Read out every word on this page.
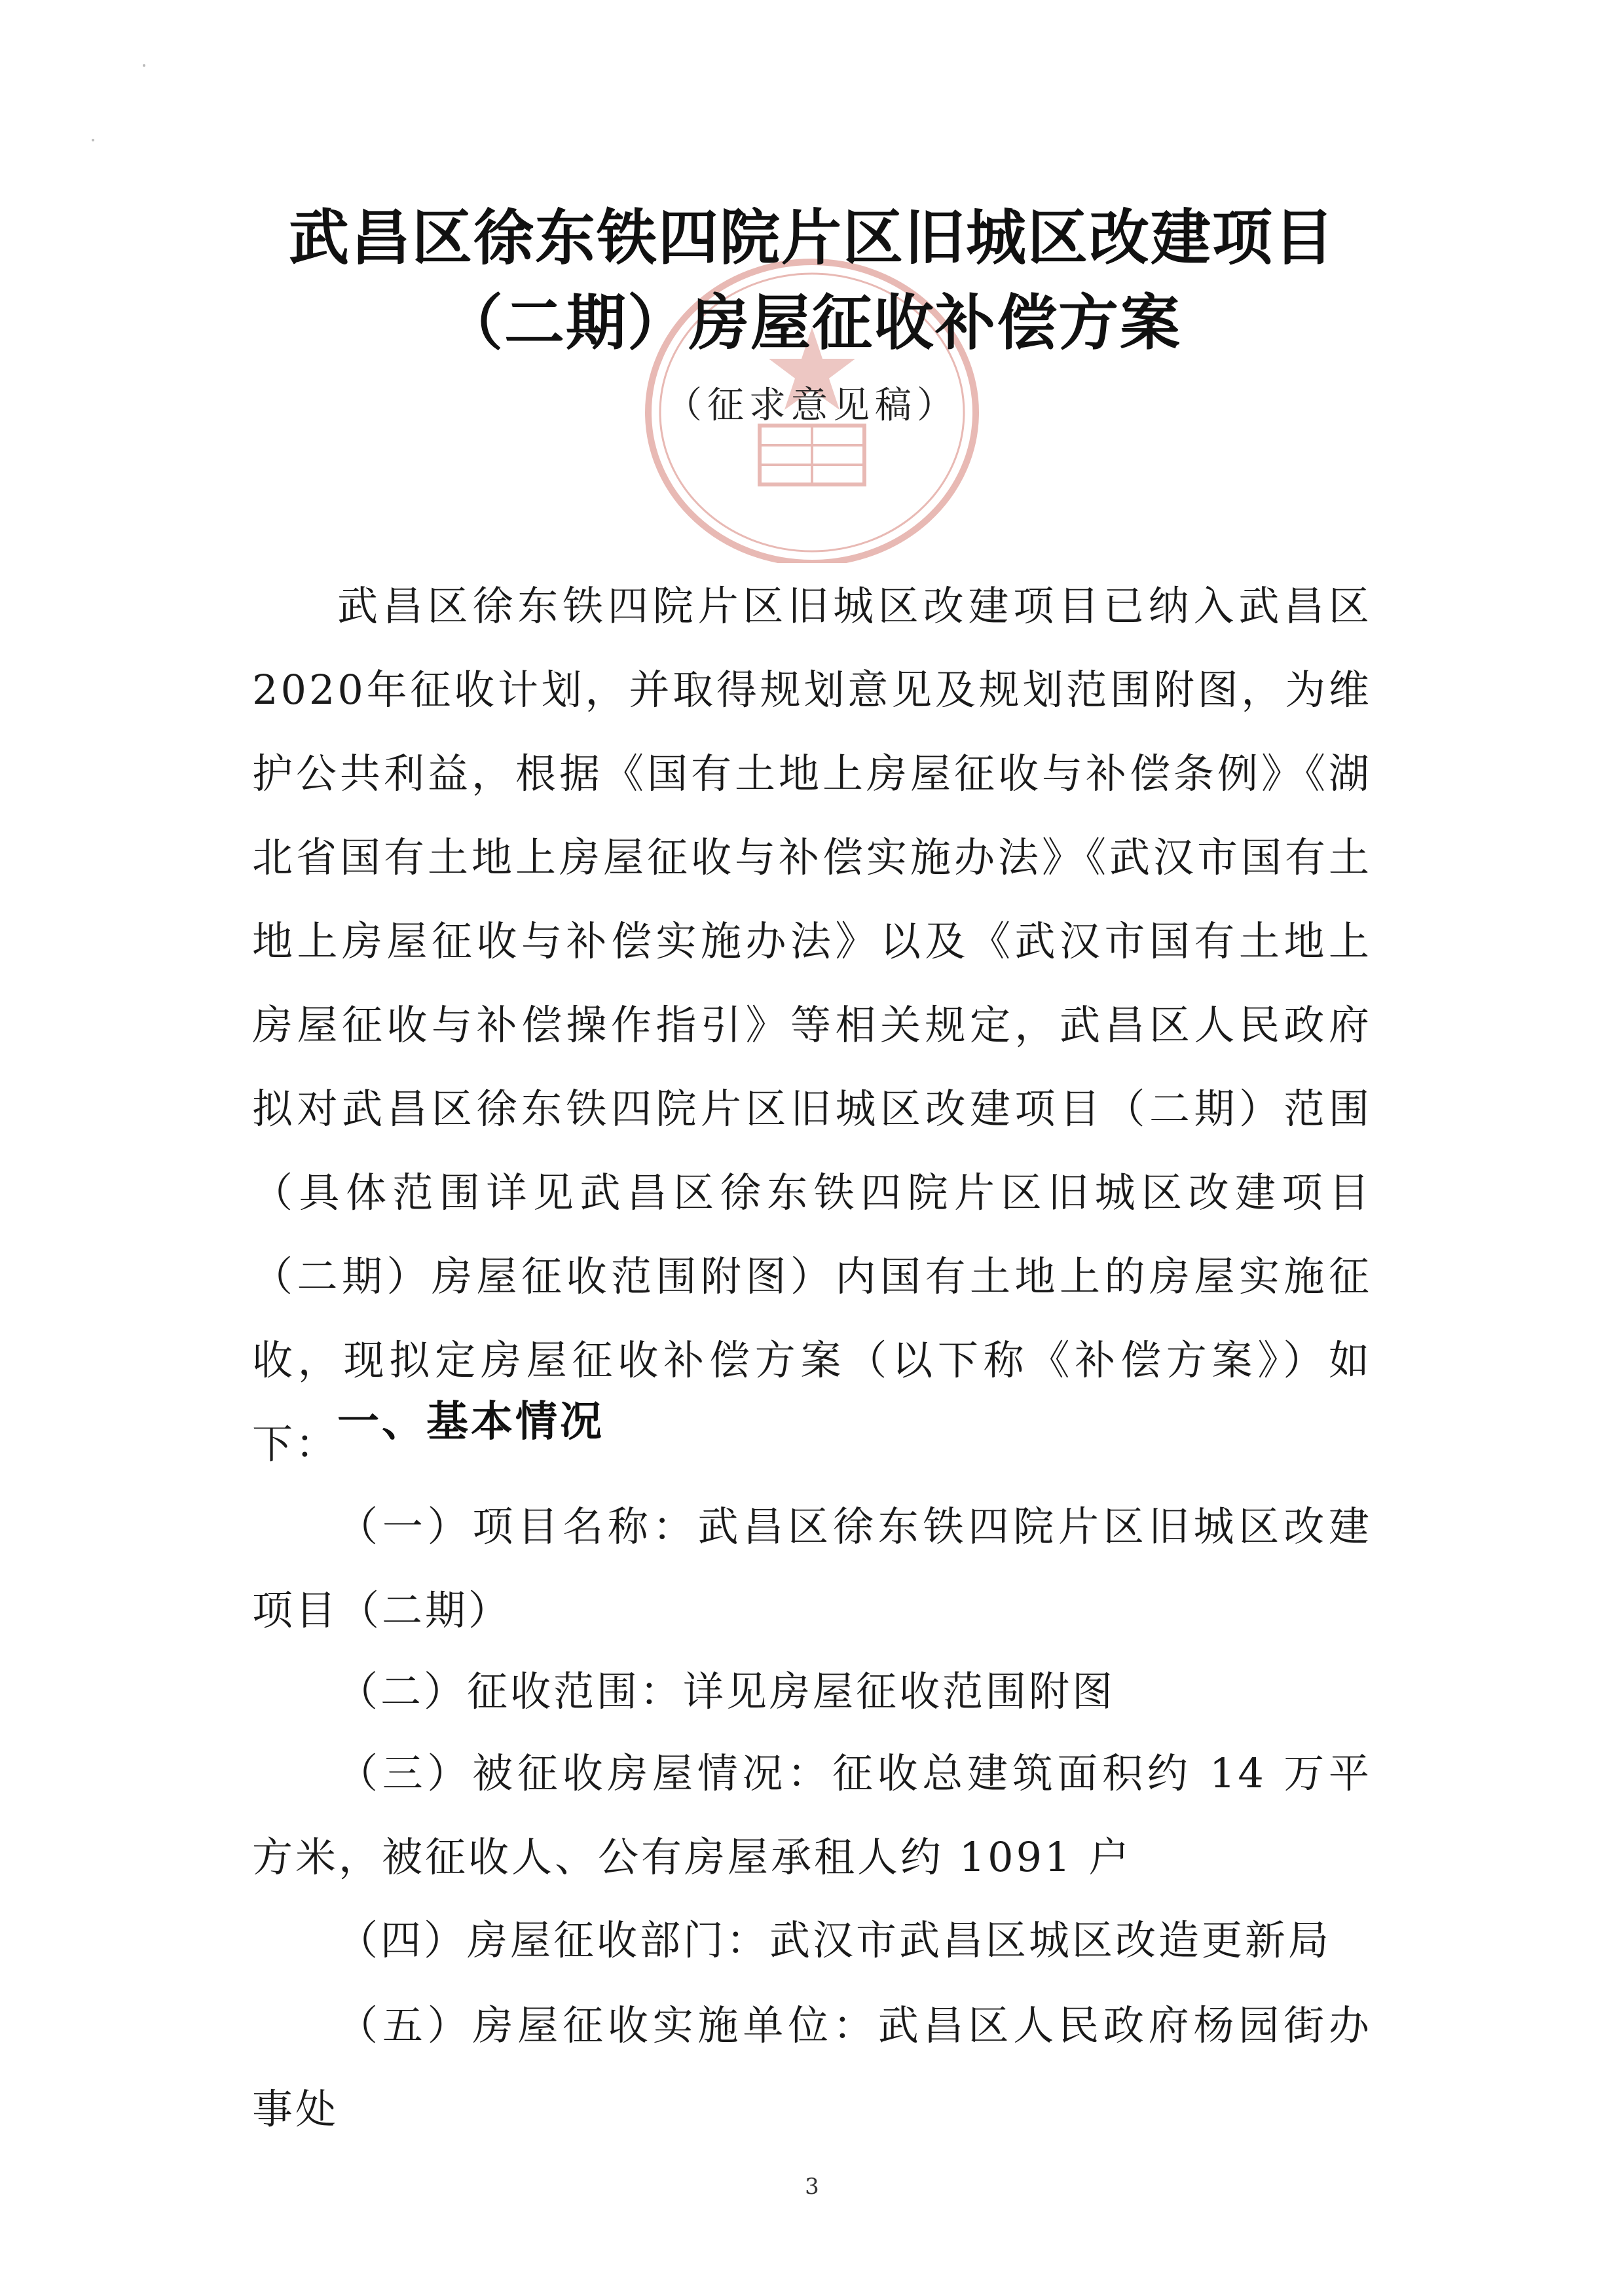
武昌区徐东铁四院片区旧城区改建项目
（二期）房屋征收补偿方案
（征求意见稿）

武昌区徐东铁四院片区旧城区改建项目已纳入武昌区2020年征收计划，并取得规划意见及规划范围附图，为维护公共利益，根据《国有土地上房屋征收与补偿条例》《湖北省国有土地上房屋征收与补偿实施办法》《武汉市国有土地上房屋征收与补偿实施办法》以及《武汉市国有土地上房屋征收与补偿操作指引》等相关规定，武昌区人民政府拟对武昌区徐东铁四院片区旧城区改建项目（二期）范围（具体范围详见武昌区徐东铁四院片区旧城区改建项目（二期）房屋征收范围附图）内国有土地上的房屋实施征收，现拟定房屋征收补偿方案（以下称《补偿方案》）如下：

一、基本情况

（一）项目名称：武昌区徐东铁四院片区旧城区改建项目（二期）

（二）征收范围：详见房屋征收范围附图

（三）被征收房屋情况：征收总建筑面积约 14 万平方米，被征收人、公有房屋承租人约 1091 户

（四）房屋征收部门：武汉市武昌区城区改造更新局

（五）房屋征收实施单位：武昌区人民政府杨园街办事处

3
